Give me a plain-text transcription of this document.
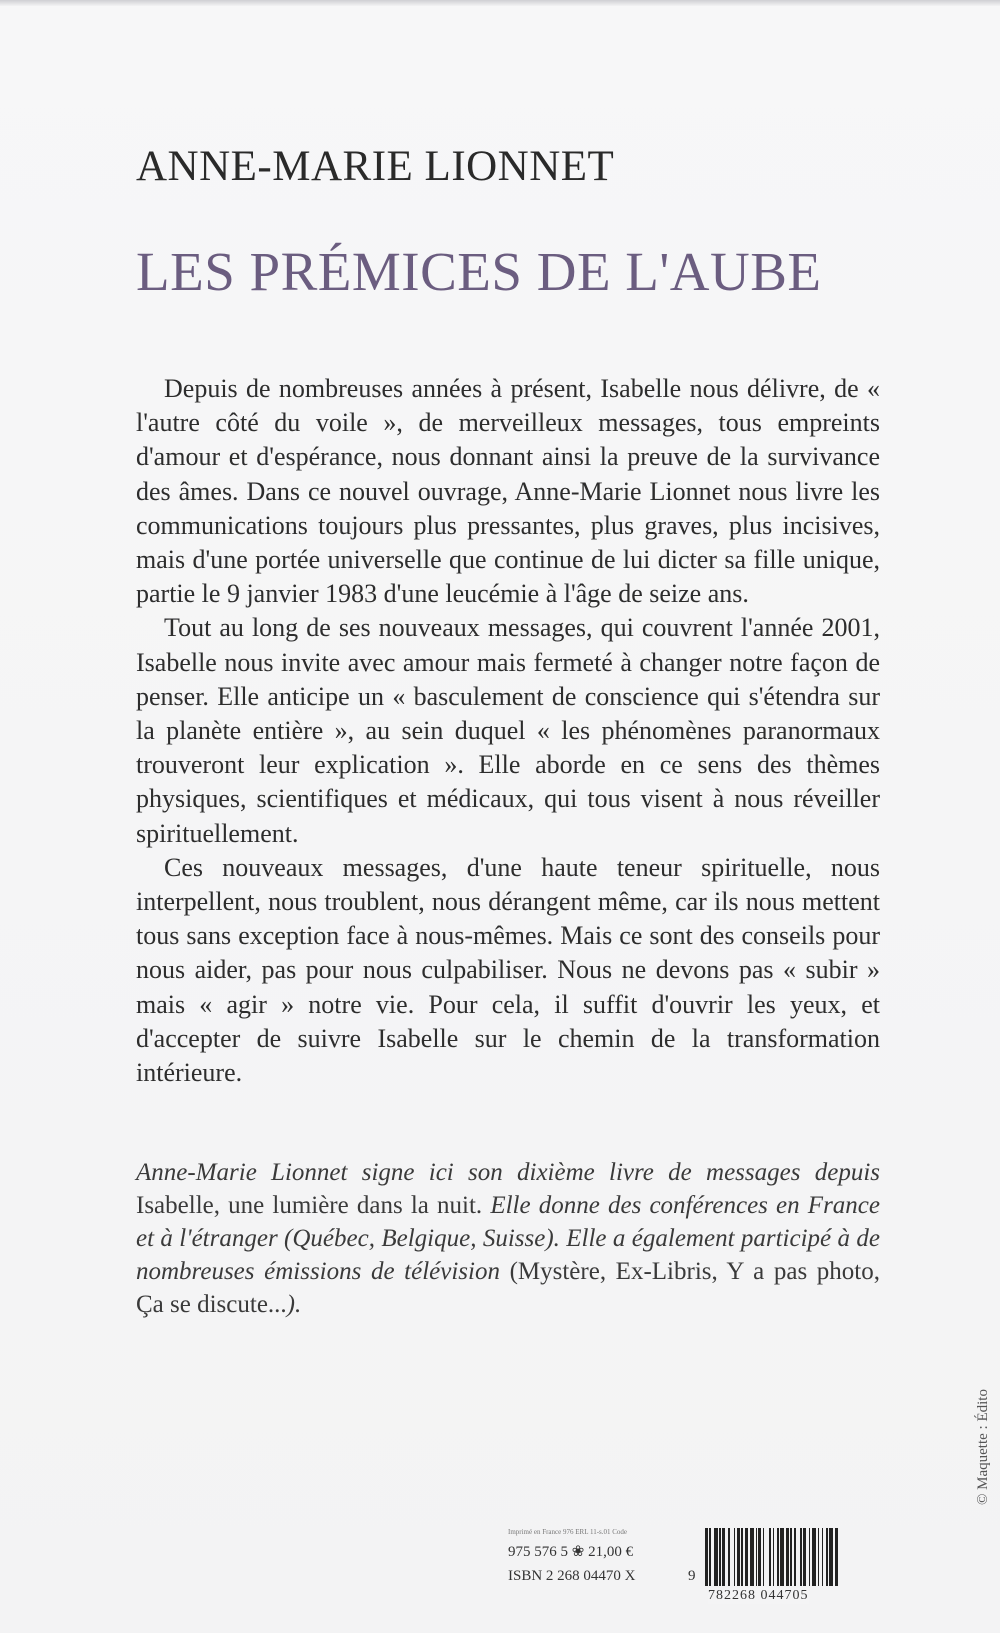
ANNE-MARIE LIONNET
LES PRÉMICES DE L'AUBE

Depuis de nombreuses années à présent, Isabelle nous délivre, de « l'autre côté du voile », de merveilleux messages, tous empreints d'amour et d'espérance, nous donnant ainsi la preuve de la survivance des âmes. Dans ce nouvel ouvrage, Anne-Marie Lionnet nous livre les communications toujours plus pressantes, plus graves, plus incisives, mais d'une portée universelle que continue de lui dicter sa fille unique, partie le 9 janvier 1983 d'une leucémie à l'âge de seize ans.

Tout au long de ses nouveaux messages, qui couvrent l'année 2001, Isabelle nous invite avec amour mais fermeté à changer notre façon de penser. Elle anticipe un « basculement de conscience qui s'étendra sur la planète entière », au sein duquel « les phénomènes paranormaux trouveront leur explication ». Elle aborde en ce sens des thèmes physiques, scientifiques et médicaux, qui tous visent à nous réveiller spirituellement.

Ces nouveaux messages, d'une haute teneur spirituelle, nous interpellent, nous troublent, nous dérangent même, car ils nous mettent tous sans exception face à nous-mêmes. Mais ce sont des conseils pour nous aider, pas pour nous culpabiliser. Nous ne devons pas « subir » mais « agir » notre vie. Pour cela, il suffit d'ouvrir les yeux, et d'accepter de suivre Isabelle sur le chemin de la transformation intérieure.

Anne-Marie Lionnet signe ici son dixième livre de messages depuis Isabelle, une lumière dans la nuit. Elle donne des conférences en France et à l'étranger (Québec, Belgique, Suisse). Elle a également participé à de nombreuses émissions de télévision (Mystère, Ex-Libris, Y a pas photo, Ça se discute...).
© Maquette : Édito
Imprimé en France 976 ERL 11-s.01 Code
975 576 5 ❀ 21,00 €
ISBN 2 268 04470 X	9
782268 044705
